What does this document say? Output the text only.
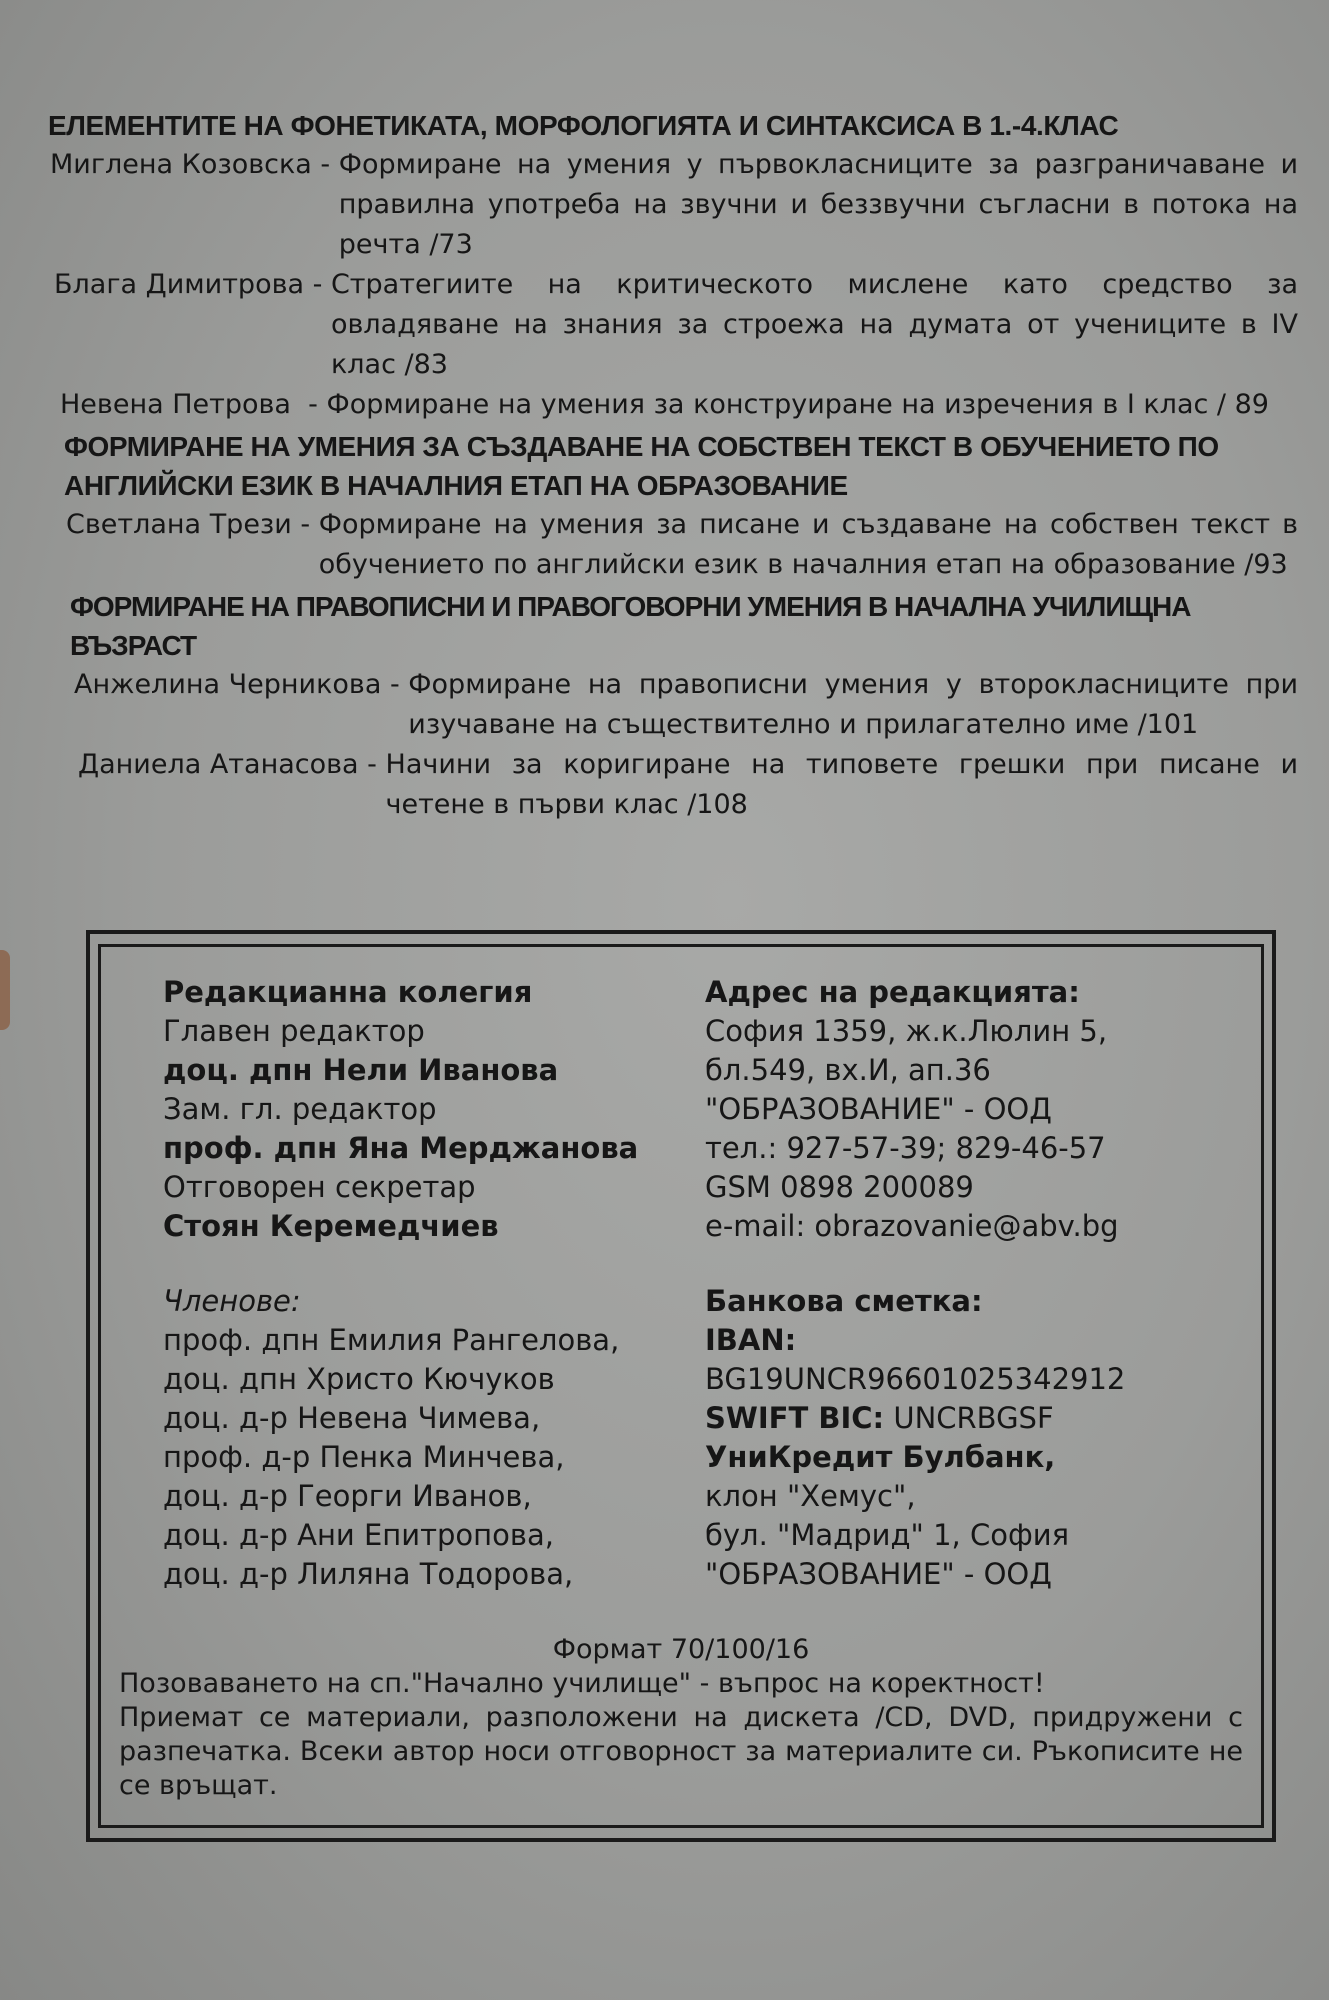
ЕЛЕМЕНТИТЕ НА ФОНЕТИКАТА, МОРФОЛОГИЯТА И СИНТАКСИСА В 1.-4.КЛАС

Миглена Козовска - Формиране на умения у първокласниците за разграничаване и правилна употреба на звучни и беззвучни съгласни в потока на речта /73
Блага Димитрова - Стратегиите на критическото мислене като средство за овладяване на знания за строежа на думата от учениците в IV клас /83
Невена Петрова  - Формиране на умения за конструиране на изречения в I клас / 89

ФОРМИРАНЕ НА УМЕНИЯ ЗА СЪЗДАВАНЕ НА СОБСТВЕН ТЕКСТ В ОБУЧЕНИЕТО ПО АНГЛИЙСКИ ЕЗИК В НАЧАЛНИЯ ЕТАП НА ОБРАЗОВАНИЕ

Светлана Трези - Формиране на умения за писане и създаване на собствен текст в обучението по английски език в началния етап на образование /93

ФОРМИРАНЕ НА ПРАВОПИСНИ И ПРАВОГОВОРНИ УМЕНИЯ В НАЧАЛНА УЧИЛИЩНА ВЪЗРАСТ

Анжелина Черникова - Формиране на правописни умения у второкласниците при изучаване на съществително и прилагателно име /101
Даниела Атанасова - Начини за коригиране на типовете грешки при писане и четене в първи клас /108
Редакцианна колегия
Главен редактор
доц. дпн Нели Иванова
Зам. гл. редактор
проф. дпн Яна Мерджанова
Отговорен секретар
Стоян Керемедчиев
Членове:
проф. дпн Емилия Рангелова,
доц. дпн Христо Кючуков
доц. д-р Невена Чимева,
проф. д-р Пенка Минчева,
доц. д-р Георги Иванов,
доц. д-р Ани Епитропова,
доц. д-р Лиляна Тодорова,
Адрес на редакцията:
София 1359, ж.к.Люлин 5,
бл.549, вх.И, ап.36
"ОБРАЗОВАНИЕ" - ООД
тел.: 927-57-39; 829-46-57
GSM 0898 200089
e-mail: obrazovanie@abv.bg
Банкова сметка:
IBAN: BG19UNCR96601025342912
SWIFT BIC: UNCRBGSF
УниКредит Булбанк,
клон "Хемус",
бул. "Мадрид" 1, София
"ОБРАЗОВАНИЕ" - ООД
Формат 70/100/16
Позоваването на сп."Начално училище" - въпрос на коректност!
Приемат се материали, разположени на дискета /CD, DVD, придружени с разпечатка. Всеки автор носи отговорност за материалите си. Ръкописите не се връщат.
